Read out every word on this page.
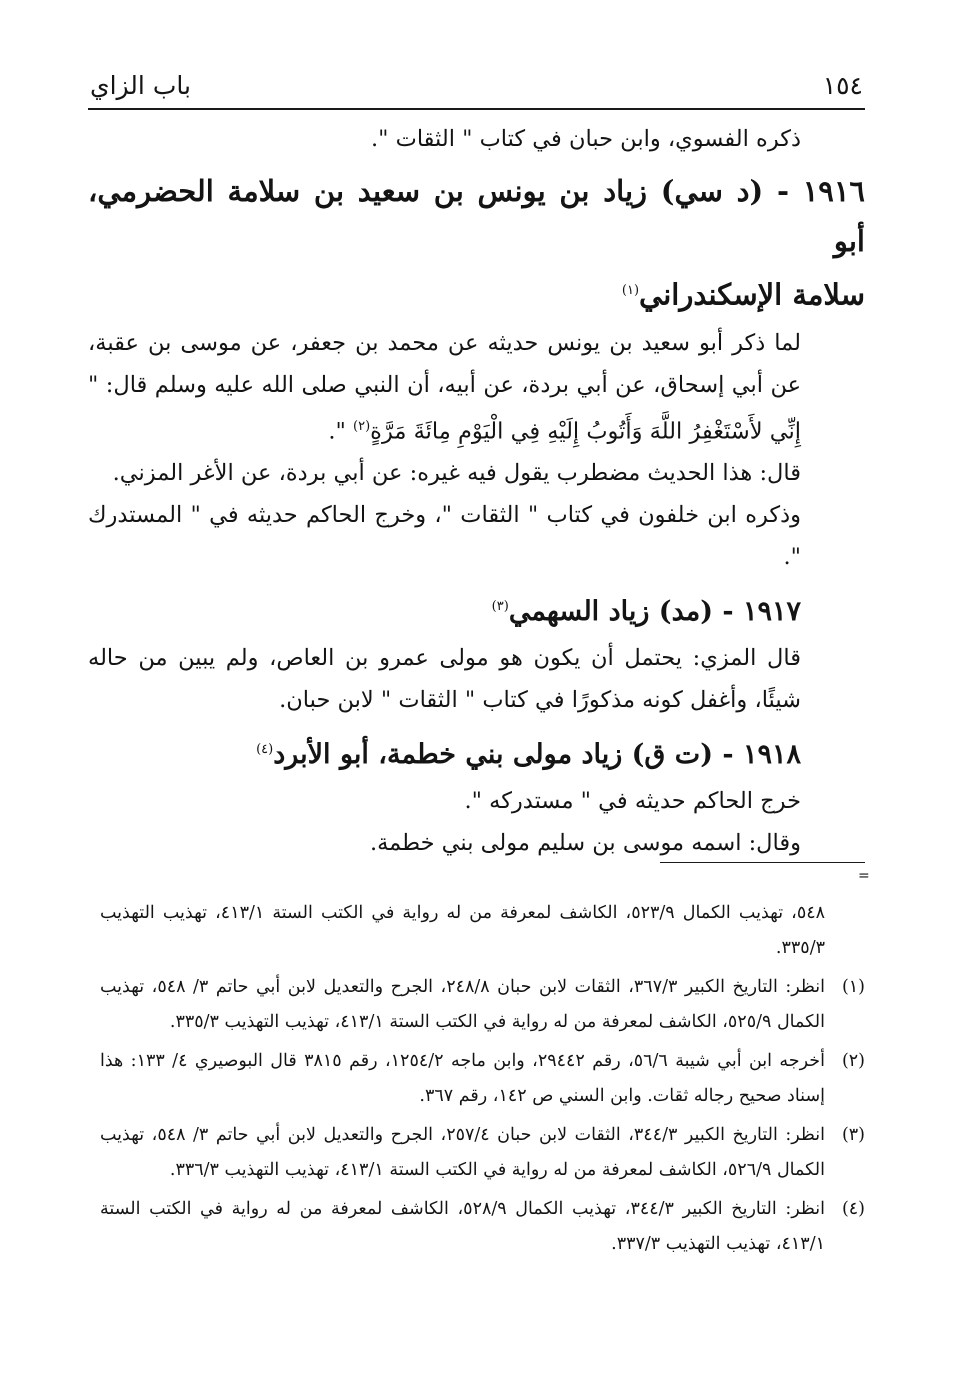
١٥٤
باب الزاي

ذكره الفسوي، وابن حبان في كتاب " الثقات ".

١٩١٦ - (د سي) زياد بن يونس بن سعيد بن سلامة الحضرمي، أبو
سلامة الإسكندراني$^{(١)}$

لما ذكر أبو سعيد بن يونس حديثه عن محمد بن جعفر، عن موسى بن عقبة، عن أبي إسحاق، عن أبي بردة، عن أبيه، أن النبي صلى الله عليه وسلم قال: " إِنِّي لأَسْتَغْفِرُ اللَّهَ وَأَتُوبُ إِلَيْهِ فِي الْيَوْمِ مِائَةَ مَرَّةٍ$^{(٢)}$ ".

قال: هذا الحديث مضطرب يقول فيه غيره: عن أبي بردة، عن الأغر المزني.

وذكره ابن خلفون في كتاب " الثقات "، وخرج الحاكم حديثه في " المستدرك ".

١٩١٧ - (مد) زياد السهمي$^{(٣)}$

قال المزي: يحتمل أن يكون هو مولى عمرو بن العاص، ولم يبين من حاله شيئًا، وأغفل كونه مذكورًا في كتاب " الثقات " لابن حبان.

١٩١٨ - (ت ق) زياد مولى بني خطمة، أبو الأبرد$^{(٤)}$

خرج الحاكم حديثه في " مستدركه ".

وقال: اسمه موسى بن سليم مولى بني خطمة.

=

٥٤٨، تهذيب الكمال ٥٢٣/٩، الكاشف لمعرفة من له رواية في الكتب الستة ٤١٣/١، تهذيب التهذيب ٣٣٥/٣.

(١)
انظر: التاريخ الكبير ٣٦٧/٣، الثقات لابن حبان ٢٤٨/٨، الجرح والتعديل لابن أبي حاتم ٣/ ٥٤٨، تهذيب الكمال ٥٢٥/٩، الكاشف لمعرفة من له رواية في الكتب الستة ٤١٣/١، تهذيب التهذيب ٣٣٥/٣.

(٢)
أخرجه ابن أبي شيبة ٥٦/٦، رقم ٢٩٤٤٢، وابن ماجه ١٢٥٤/٢، رقم ٣٨١٥ قال البوصيري ٤/ ١٣٣: هذا إسناد صحيح رجاله ثقات. وابن السني ص ١٤٢، رقم ٣٦٧.

(٣)
انظر: التاريخ الكبير ٣٤٤/٣، الثقات لابن حبان ٢٥٧/٤، الجرح والتعديل لابن أبي حاتم ٣/ ٥٤٨، تهذيب الكمال ٥٢٦/٩، الكاشف لمعرفة من له رواية في الكتب الستة ٤١٣/١، تهذيب التهذيب ٣٣٦/٣.

(٤)
انظر: التاريخ الكبير ٣٤٤/٣، تهذيب الكمال ٥٢٨/٩، الكاشف لمعرفة من له رواية في الكتب الستة ٤١٣/١، تهذيب التهذيب ٣٣٧/٣.
